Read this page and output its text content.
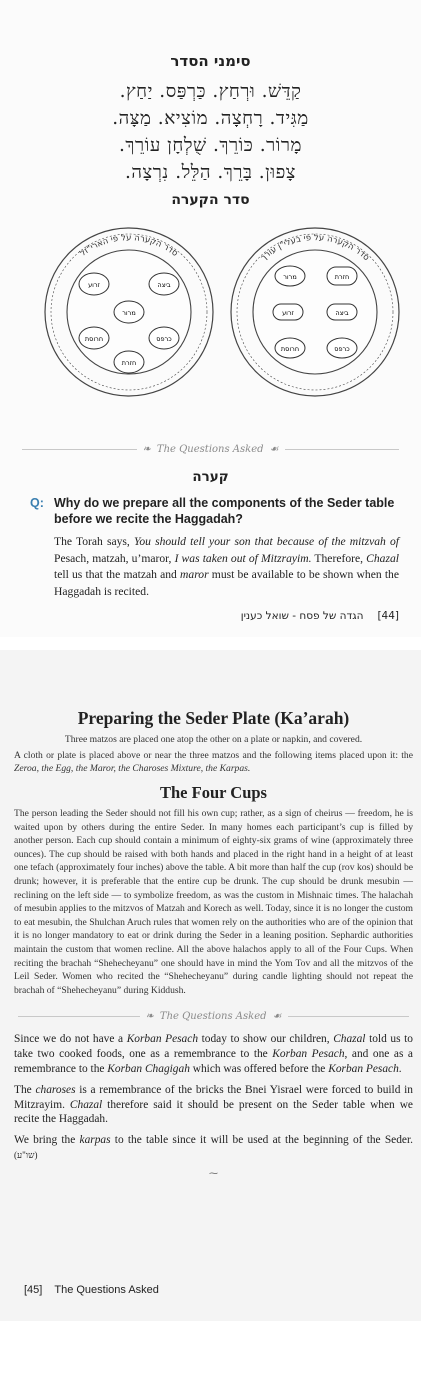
סימני הסדר
קַדֵּשׁ. וּרְחַץ. כַּרְפַּס. יַחַץ.
מַגִּיד. רָחְצָה. מוֹצִיא. מַצָּה.
מָרוֹר. כּוֹרֵךְ. שֻׁלְחָן עוֹרֵךְ.
צָפוּן. בָּרֵךְ. הַלֵּל. נִרְצָה.
סדר הקערה
סדר הקערה על פי הארי"זל
זרוע	ביצה
מרור
חרוסת	כרפס
חזרת
סדר הקערה על פי בעלי"ן עורך
חזרת
מרור
זרוע	ביצה
חרוסת	כרפס
❧ The Questions Asked ☙
קערה
Q: Why do we prepare all the components of the Seder table before we recite the Haggadah?
The Torah says, You should tell your son that because of the mitzvah of Pesach, matzah, u’maror, I was taken out of Mitzrayim. Therefore, Chazal tell us that the matzah and maror must be available to be shown when the Haggadah is recited.
הגדה של פסח - שואל כענין [44]
Preparing the Seder Plate (Ka’arah)
Three matzos are placed one atop the other on a plate or napkin, and covered.
A cloth or plate is placed above or near the three matzos and the following items placed upon it: the Zeroa, the Egg, the Maror, the Charoses Mixture, the Karpas.
The Four Cups
The person leading the Seder should not fill his own cup; rather, as a sign of cheirus — freedom, he is waited upon by others during the entire Seder. In many homes each participant’s cup is filled by another person. Each cup should contain a minimum of eighty-six grams of wine (approximately three ounces). The cup should be raised with both hands and placed in the right hand in a height of at least one tefach (approximately four inches) above the table. A bit more than half the cup (rov kos) should be drunk; however, it is preferable that the entire cup be drunk. The cup should be drunk mesubin — reclining on the left side — to symbolize freedom, as was the custom in Mishnaic times. The halachah of mesubin applies to the mitzvos of Matzah and Korech as well. Today, since it is no longer the custom to eat mesubin, the Shulchan Aruch rules that women rely on the authorities who are of the opinion that it is no longer mandatory to eat or drink during the Seder in a leaning position. Sephardic authorities maintain the custom that women recline. All the above halachos apply to all of the Four Cups. When reciting the brachah “Shehecheyanu” one should have in mind the Yom Tov and all the mitzvos of the Leil Seder. Women who recited the “Shehecheyanu” during candle lighting should not repeat the brachah of “Shehecheyanu” during Kiddush.
❧ The Questions Asked ☙
Since we do not have a Korban Pesach today to show our children, Chazal told us to take two cooked foods, one as a remembrance to the Korban Pesach, and one as a remembrance to the Korban Chagigah which was offered before the Korban Pesach.
The charoses is a remembrance of the bricks the Bnei Yisrael were forced to build in Mitzrayim. Chazal therefore said it should be present on the Seder table when we recite the Haggadah.
We bring the karpas to the table since it will be used at the beginning of the Seder. (שו"ע)
⁓
[45] The Questions Asked
